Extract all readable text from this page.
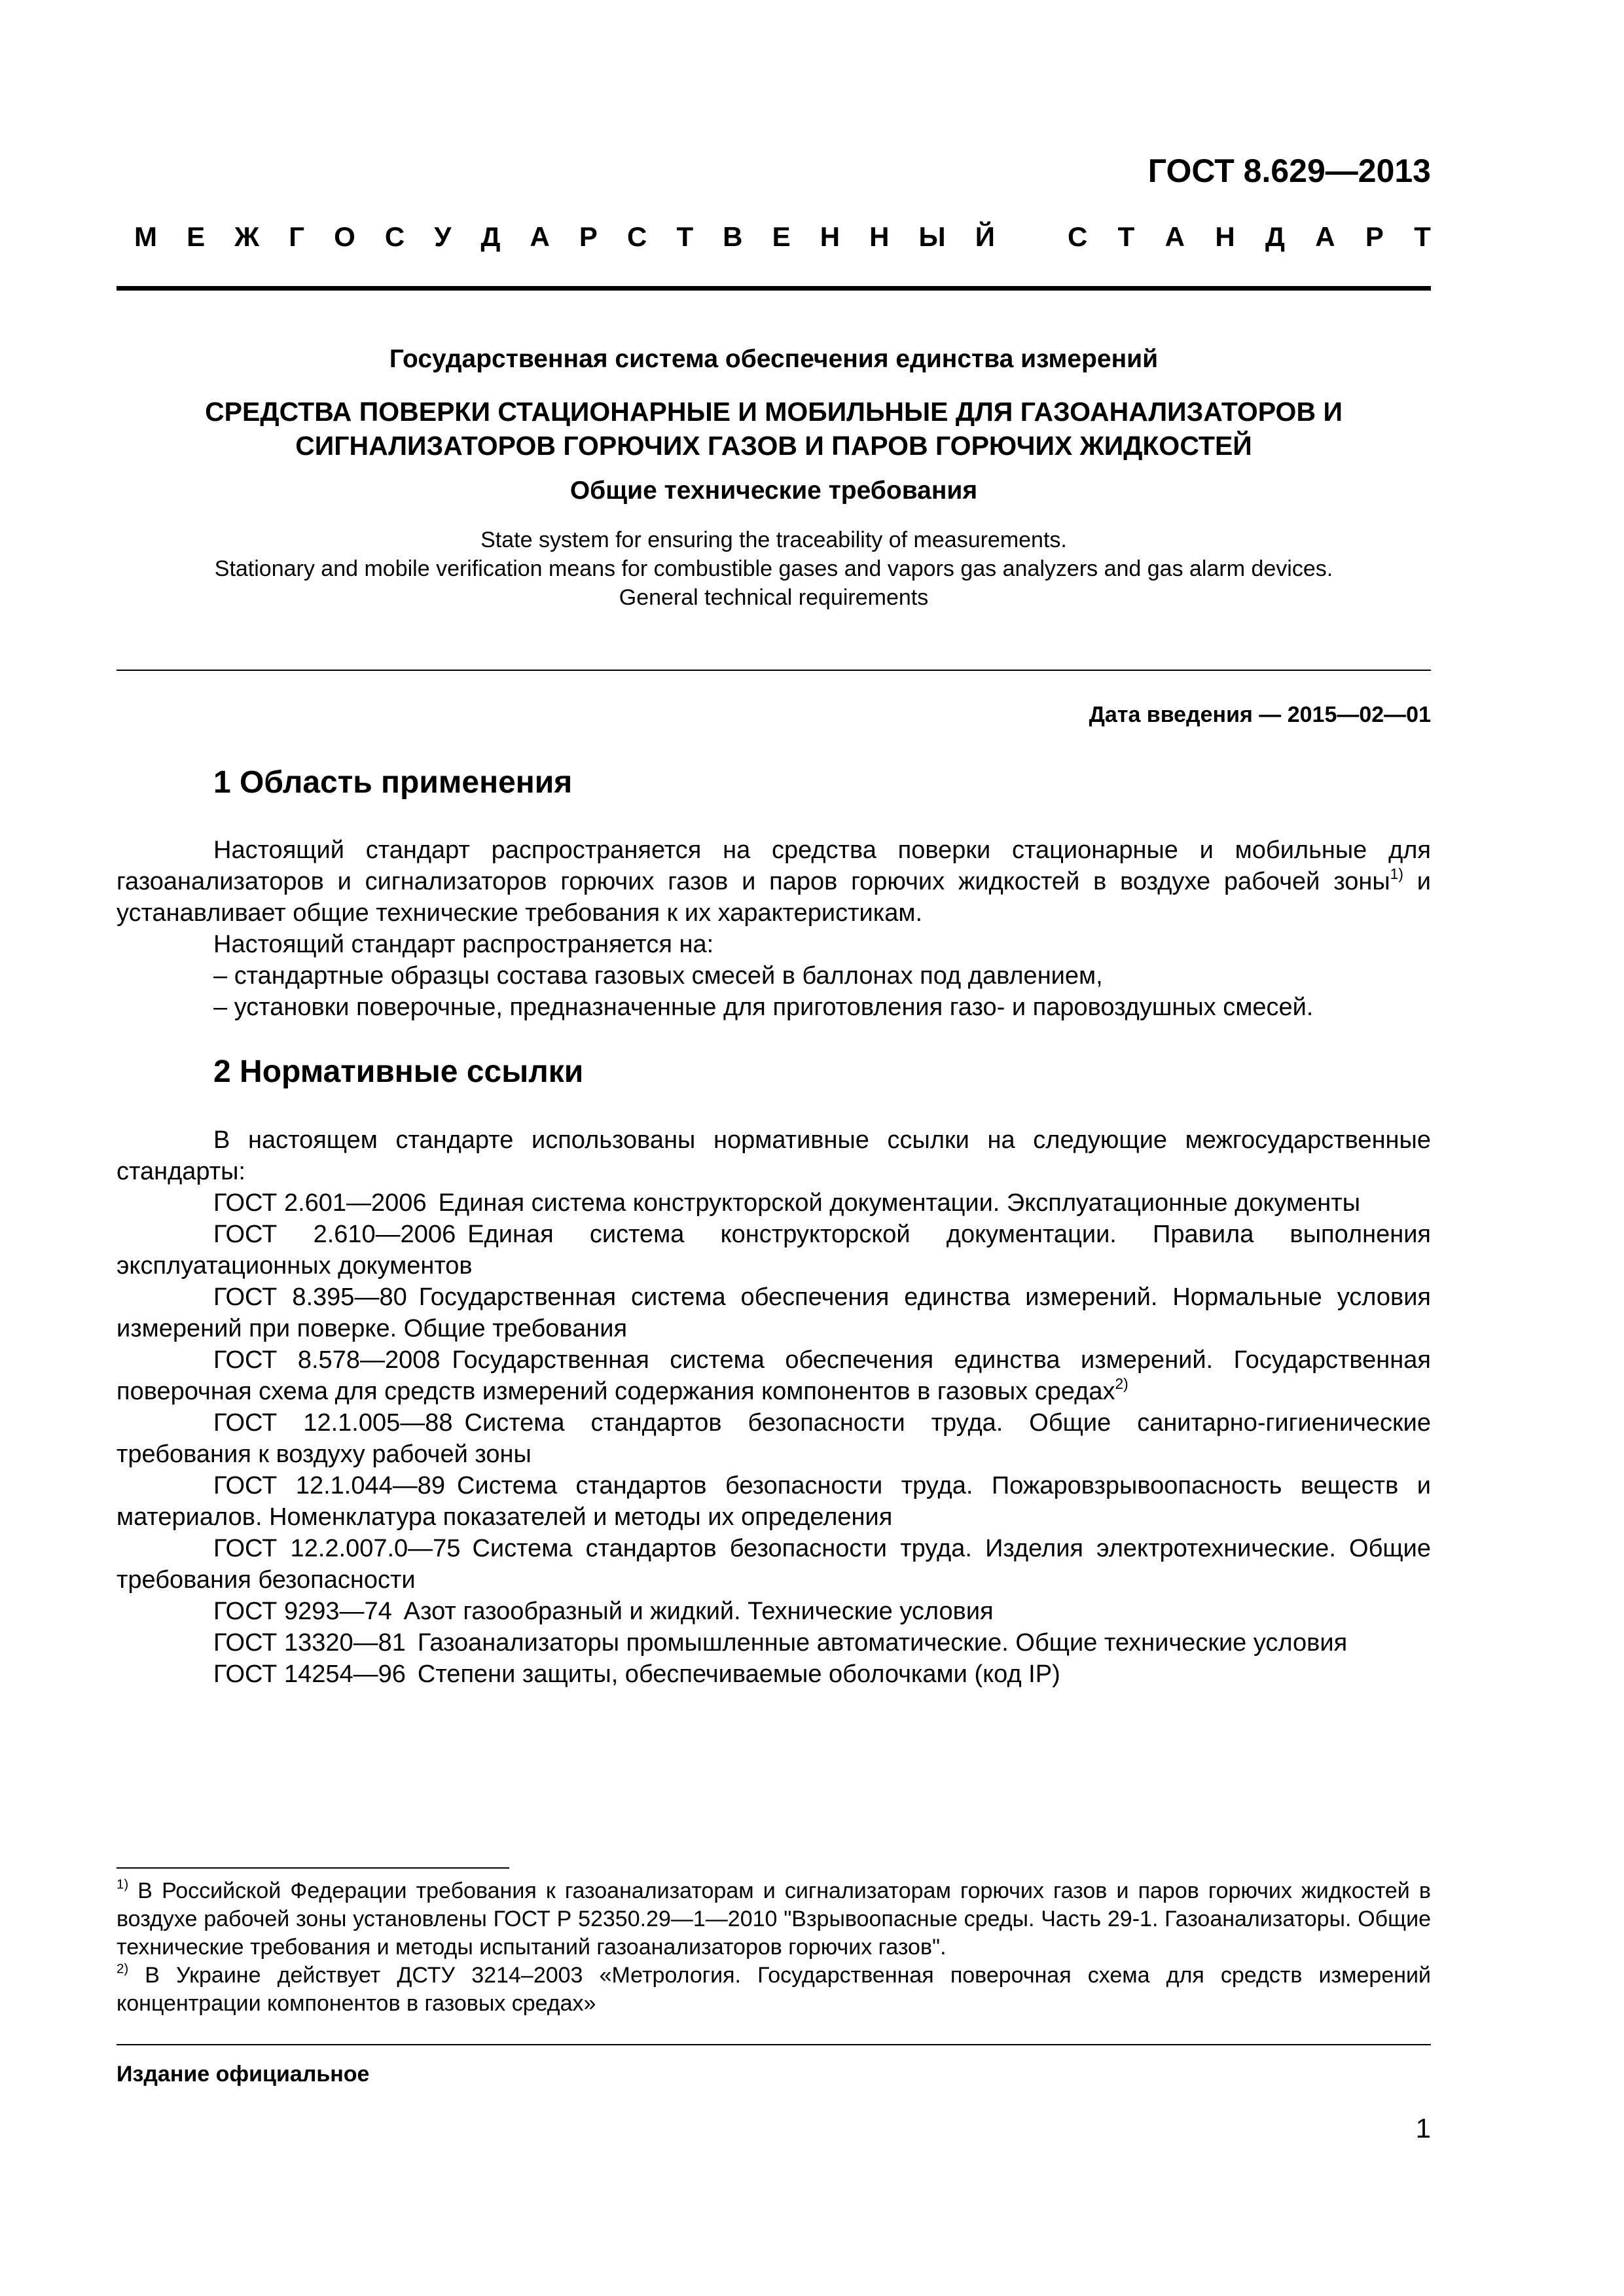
ГОСТ 8.629—2013
М Е Ж Г О С У Д А Р С Т В Е Н Н Ы Й	С Т А Н Д А Р Т
Государственная система обеспечения единства измерений
СРЕДСТВА ПОВЕРКИ СТАЦИОНАРНЫЕ И МОБИЛЬНЫЕ ДЛЯ ГАЗОАНАЛИЗАТОРОВ И
СИГНАЛИЗАТОРОВ ГОРЮЧИХ ГАЗОВ И ПАРОВ ГОРЮЧИХ ЖИДКОСТЕЙ
Общие технические требования
State system for ensuring the traceability of measurements.
Stationary and mobile verification means for combustible gases and vapors gas analyzers and gas alarm devices.
General technical requirements
Дата введения — 2015—02—01
1 Область применения

Настоящий стандарт распространяется на средства поверки стационарные и мобильные для газоанализаторов и сигнализаторов горючих газов и паров горючих жидкостей в воздухе рабочей зоны$^{1)}$ и устанавливает общие технические требования к их характеристикам.

Настоящий стандарт распространяется на:

– стандартные образцы состава газовых смесей в баллонах под давлением,

– установки поверочные, предназначенные для приготовления газо- и паровоздушных смесей.

2 Нормативные ссылки

В настоящем стандарте использованы нормативные ссылки на следующие межгосударственные стандарты:

ГОСТ 2.601—2006 Единая система конструкторской документации. Эксплуатационные документы

ГОСТ 2.610—2006 Единая система конструкторской документации. Правила выполнения эксплуатационных документов

ГОСТ 8.395—80 Государственная система обеспечения единства измерений. Нормальные условия измерений при поверке. Общие требования

ГОСТ 8.578—2008 Государственная система обеспечения единства измерений. Государственная поверочная схема для средств измерений содержания компонентов в газовых средах$^{2)}$

ГОСТ 12.1.005—88 Система стандартов безопасности труда. Общие санитарно-гигиенические требования к воздуху рабочей зоны

ГОСТ 12.1.044—89 Система стандартов безопасности труда. Пожаровзрывоопасность веществ и материалов. Номенклатура показателей и методы их определения

ГОСТ 12.2.007.0—75 Система стандартов безопасности труда. Изделия электротехнические. Общие требования безопасности

ГОСТ 9293—74 Азот газообразный и жидкий. Технические условия

ГОСТ 13320—81 Газоанализаторы промышленные автоматические. Общие технические условия

ГОСТ 14254—96 Степени защиты, обеспечиваемые оболочками (код IP)

$^{1)}$ В Российской Федерации требования к газоанализаторам и сигнализаторам горючих газов и паров горючих жидкостей в воздухе рабочей зоны установлены ГОСТ Р 52350.29—1—2010 "Взрывоопасные среды. Часть 29-1. Газоанализаторы. Общие технические требования и методы испытаний газоанализаторов горючих газов".

$^{2)}$ В Украине действует ДСТУ 3214–2003 «Метрология. Государственная поверочная схема для средств измерений концентрации компонентов в газовых средах»

Издание официальное
1
